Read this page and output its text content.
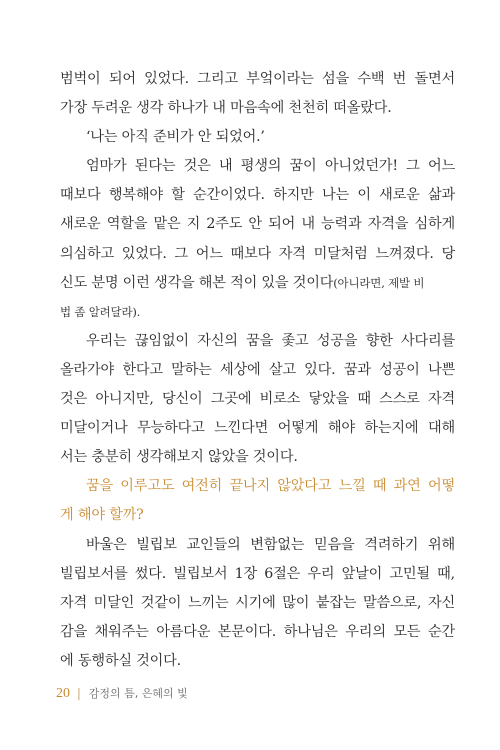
범벅이 되어 있었다. 그리고 부엌이라는 섬을 수백 번 돌면서
가장 두려운 생각 하나가 내 마음속에 천천히 떠올랐다.
‘나는 아직 준비가 안 되었어.’
엄마가 된다는 것은 내 평생의 꿈이 아니었던가! 그 어느
때보다 행복해야 할 순간이었다. 하지만 나는 이 새로운 삶과
새로운 역할을 맡은 지 2주도 안 되어 내 능력과 자격을 심하게
의심하고 있었다. 그 어느 때보다 자격 미달처럼 느껴졌다. 당
신도 분명 이런 생각을 해본 적이 있을 것이다(아니라면, 제발 비
법 좀 알려달라).
우리는 끊임없이 자신의 꿈을 좇고 성공을 향한 사다리를
올라가야 한다고 말하는 세상에 살고 있다. 꿈과 성공이 나쁜
것은 아니지만, 당신이 그곳에 비로소 닿았을 때 스스로 자격
미달이거나 무능하다고 느낀다면 어떻게 해야 하는지에 대해
서는 충분히 생각해보지 않았을 것이다.
꿈을 이루고도 여전히 끝나지 않았다고 느낄 때 과연 어떻
게 해야 할까?
바울은 빌립보 교인들의 변함없는 믿음을 격려하기 위해
빌립보서를 썼다. 빌립보서 1장 6절은 우리 앞날이 고민될 때,
자격 미달인 것같이 느끼는 시기에 많이 붙잡는 말씀으로, 자신
감을 채워주는 아름다운 본문이다. 하나님은 우리의 모든 순간
에 동행하실 것이다.
20 | 감정의 틈, 은혜의 빛
